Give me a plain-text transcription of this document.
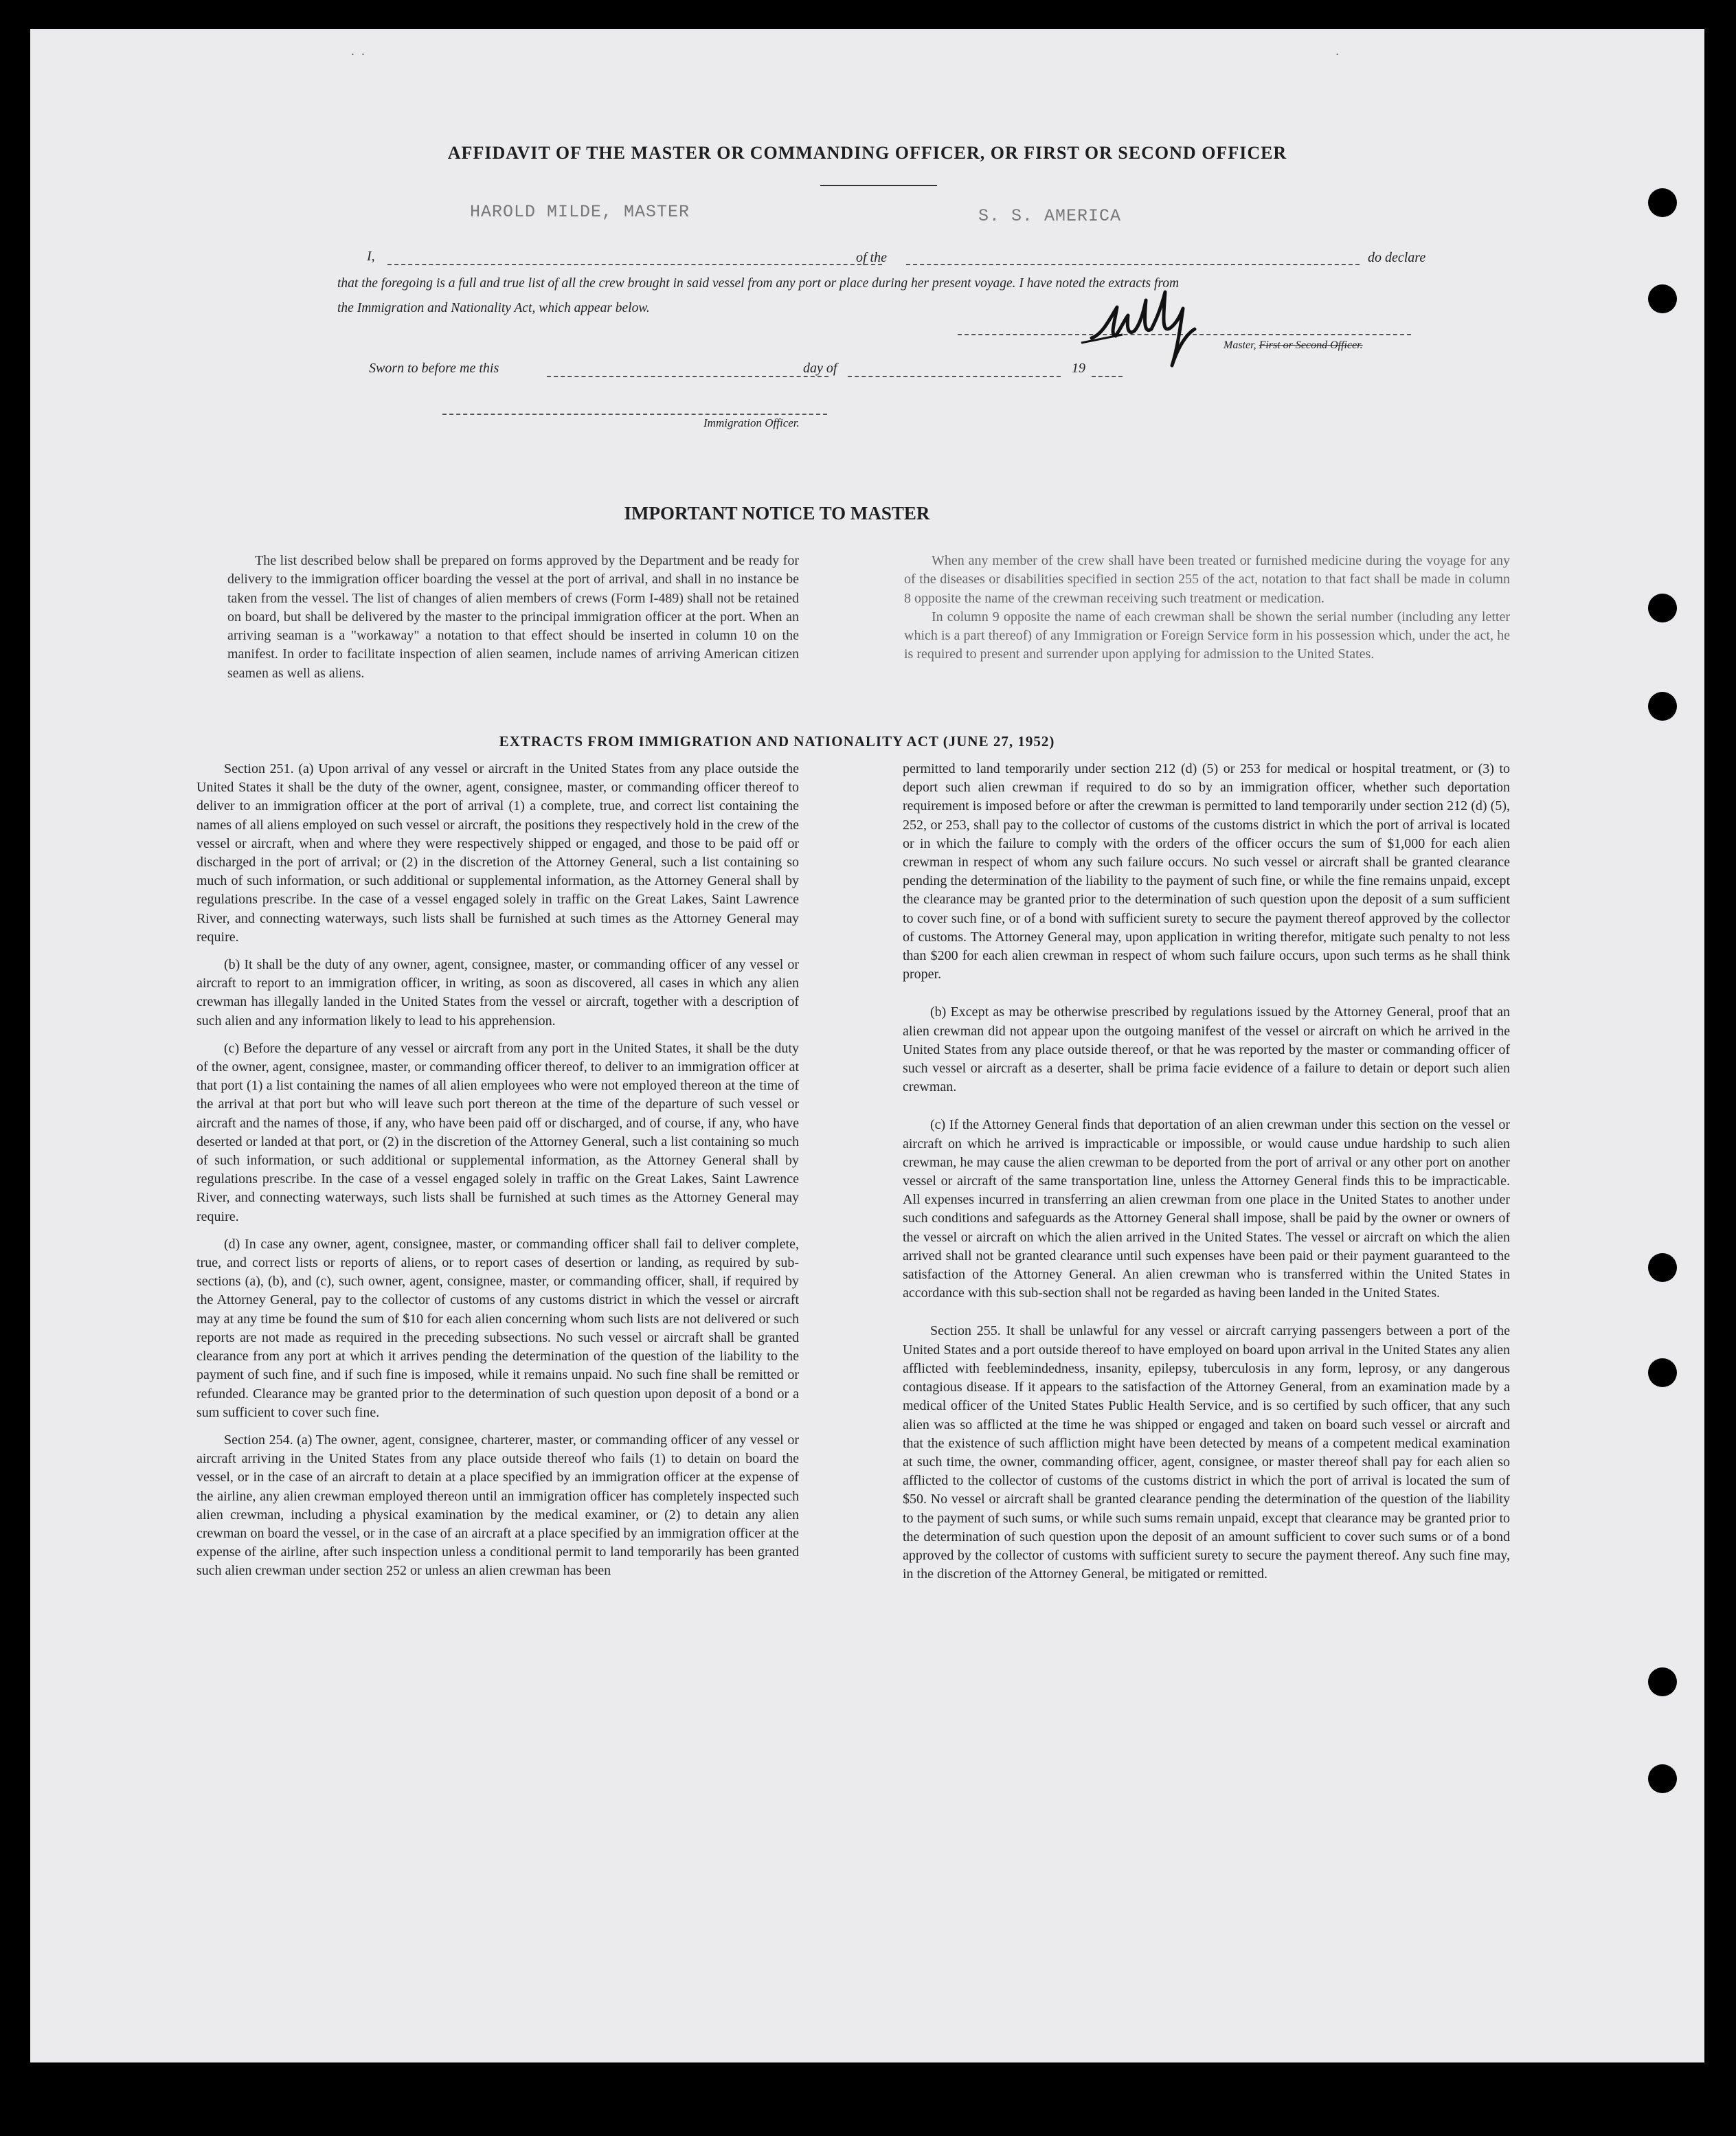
.  .	.
AFFIDAVIT OF THE MASTER OR COMMANDING OFFICER, OR FIRST OR SECOND OFFICER
I,
HAROLD MILDE, MASTER
of the
S. S. AMERICA
do declare
that the foregoing is a full and true list of all the crew brought in said vessel from any port or place during her present voyage. I have noted the extracts from
the Immigration and Nationality Act, which appear below.
Master, First or Second Officer.
Sworn to before me this	day of	19
Immigration Officer.
IMPORTANT NOTICE TO MASTER

The list described below shall be prepared on forms approved by the Department and be ready for delivery to the immigration officer boarding the vessel at the port of arrival, and shall in no instance be taken from the vessel. The list of changes of alien members of crews (Form I-489) shall not be retained on board, but shall be delivered by the master to the principal immigration officer at the port. When an arriving seaman is a "workaway" a notation to that effect should be inserted in column 10 on the manifest. In order to facilitate inspection of alien seamen, include names of arriving American citizen seamen as well as aliens.

When any member of the crew shall have been treated or furnished medicine during the voyage for any of the diseases or disabilities specified in section 255 of the act, notation to that fact shall be made in column 8 opposite the name of the crewman receiving such treatment or medication.

In column 9 opposite the name of each crewman shall be shown the serial number (including any letter which is a part thereof) of any Immigration or Foreign Service form in his possession which, under the act, he is required to present and surrender upon applying for admission to the United States.

EXTRACTS FROM IMMIGRATION AND NATIONALITY ACT (JUNE 27, 1952)

Section 251. (a) Upon arrival of any vessel or aircraft in the United States from any place outside the United States it shall be the duty of the owner, agent, consignee, master, or commanding officer thereof to deliver to an immigration officer at the port of arrival (1) a complete, true, and correct list containing the names of all aliens employed on such vessel or aircraft, the positions they respectively hold in the crew of the vessel or aircraft, when and where they were respectively shipped or engaged, and those to be paid off or discharged in the port of arrival; or (2) in the discretion of the Attorney General, such a list containing so much of such information, or such additional or supplemental information, as the Attorney General shall by regulations prescribe. In the case of a vessel engaged solely in traffic on the Great Lakes, Saint Lawrence River, and connecting waterways, such lists shall be furnished at such times as the Attorney General may require.

(b) It shall be the duty of any owner, agent, consignee, master, or commanding officer of any vessel or aircraft to report to an immigration officer, in writing, as soon as discovered, all cases in which any alien crewman has illegally landed in the United States from the vessel or aircraft, together with a description of such alien and any information likely to lead to his apprehension.

(c) Before the departure of any vessel or aircraft from any port in the United States, it shall be the duty of the owner, agent, consignee, master, or commanding officer thereof, to deliver to an immigration officer at that port (1) a list containing the names of all alien employees who were not employed thereon at the time of the arrival at that port but who will leave such port thereon at the time of the departure of such vessel or aircraft and the names of those, if any, who have been paid off or discharged, and of course, if any, who have deserted or landed at that port, or (2) in the discretion of the Attorney General, such a list containing so much of such information, or such additional or supplemental information, as the Attorney General shall by regulations prescribe. In the case of a vessel engaged solely in traffic on the Great Lakes, Saint Lawrence River, and connecting waterways, such lists shall be furnished at such times as the Attorney General may require.

(d) In case any owner, agent, consignee, master, or commanding officer shall fail to deliver complete, true, and correct lists or reports of aliens, or to report cases of desertion or landing, as required by sub-sections (a), (b), and (c), such owner, agent, consignee, master, or commanding officer, shall, if required by the Attorney General, pay to the collector of customs of any customs district in which the vessel or aircraft may at any time be found the sum of $10 for each alien concerning whom such lists are not delivered or such reports are not made as required in the preceding subsections. No such vessel or aircraft shall be granted clearance from any port at which it arrives pending the determination of the question of the liability to the payment of such fine, and if such fine is imposed, while it remains unpaid. No such fine shall be remitted or refunded. Clearance may be granted prior to the determination of such question upon deposit of a bond or a sum sufficient to cover such fine.

Section 254. (a) The owner, agent, consignee, charterer, master, or commanding officer of any vessel or aircraft arriving in the United States from any place outside thereof who fails (1) to detain on board the vessel, or in the case of an aircraft to detain at a place specified by an immigration officer at the expense of the airline, any alien crewman employed thereon until an immigration officer has completely inspected such alien crewman, including a physical examination by the medical examiner, or (2) to detain any alien crewman on board the vessel, or in the case of an aircraft at a place specified by an immigration officer at the expense of the airline, after such inspection unless a conditional permit to land temporarily has been granted such alien crewman under section 252 or unless an alien crewman has been

permitted to land temporarily under section 212 (d) (5) or 253 for medical or hospital treatment, or (3) to deport such alien crewman if required to do so by an immigration officer, whether such deportation requirement is imposed before or after the crewman is permitted to land temporarily under section 212 (d) (5), 252, or 253, shall pay to the collector of customs of the customs district in which the port of arrival is located or in which the failure to comply with the orders of the officer occurs the sum of $1,000 for each alien crewman in respect of whom any such failure occurs. No such vessel or aircraft shall be granted clearance pending the determination of the liability to the payment of such fine, or while the fine remains unpaid, except the clearance may be granted prior to the determination of such question upon the deposit of a sum sufficient to cover such fine, or of a bond with sufficient surety to secure the payment thereof approved by the collector of customs. The Attorney General may, upon application in writing therefor, mitigate such penalty to not less than $200 for each alien crewman in respect of whom such failure occurs, upon such terms as he shall think proper.

(b) Except as may be otherwise prescribed by regulations issued by the Attorney General, proof that an alien crewman did not appear upon the outgoing manifest of the vessel or aircraft on which he arrived in the United States from any place outside thereof, or that he was reported by the master or commanding officer of such vessel or aircraft as a deserter, shall be prima facie evidence of a failure to detain or deport such alien crewman.

(c) If the Attorney General finds that deportation of an alien crewman under this section on the vessel or aircraft on which he arrived is impracticable or impossible, or would cause undue hardship to such alien crewman, he may cause the alien crewman to be deported from the port of arrival or any other port on another vessel or aircraft of the same transportation line, unless the Attorney General finds this to be impracticable. All expenses incurred in transferring an alien crewman from one place in the United States to another under such conditions and safeguards as the Attorney General shall impose, shall be paid by the owner or owners of the vessel or aircraft on which the alien arrived in the United States. The vessel or aircraft on which the alien arrived shall not be granted clearance until such expenses have been paid or their payment guaranteed to the satisfaction of the Attorney General. An alien crewman who is transferred within the United States in accordance with this sub-section shall not be regarded as having been landed in the United States.

Section 255. It shall be unlawful for any vessel or aircraft carrying passengers between a port of the United States and a port outside thereof to have employed on board upon arrival in the United States any alien afflicted with feeblemindedness, insanity, epilepsy, tuberculosis in any form, leprosy, or any dangerous contagious disease. If it appears to the satisfaction of the Attorney General, from an examination made by a medical officer of the United States Public Health Service, and is so certified by such officer, that any such alien was so afflicted at the time he was shipped or engaged and taken on board such vessel or aircraft and that the existence of such affliction might have been detected by means of a competent medical examination at such time, the owner, commanding officer, agent, consignee, or master thereof shall pay for each alien so afflicted to the collector of customs of the customs district in which the port of arrival is located the sum of $50. No vessel or aircraft shall be granted clearance pending the determination of the question of the liability to the payment of such sums, or while such sums remain unpaid, except that clearance may be granted prior to the determination of such question upon the deposit of an amount sufficient to cover such sums or of a bond approved by the collector of customs with sufficient surety to secure the payment thereof. Any such fine may, in the discretion of the Attorney General, be mitigated or remitted.
